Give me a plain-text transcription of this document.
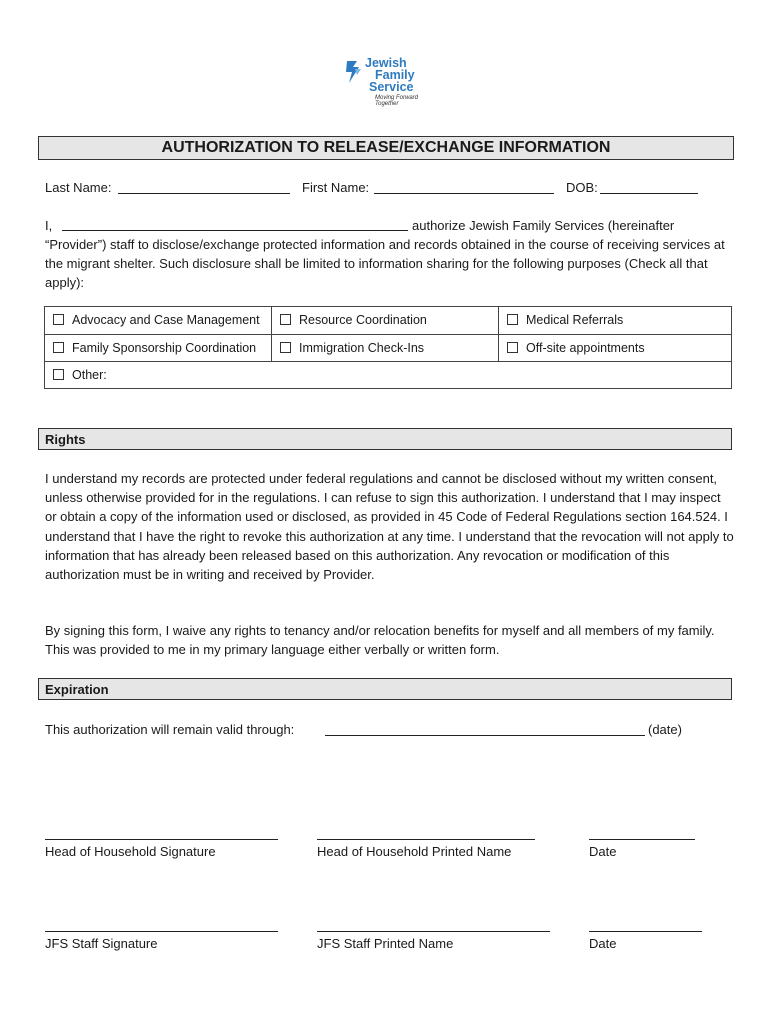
Jewish
Family
Service
Moving Forward Together
AUTHORIZATION TO RELEASE/EXCHANGE INFORMATION
Last Name:	First Name:	DOB:
I,	authorize Jewish Family Services (hereinafter
“Provider”) staff to disclose/exchange protected information and records obtained in the course of receiving services at the migrant shelter. Such disclosure shall be limited to information sharing for the following purposes (Check all that apply):
Advocacy and Case Management	Resource Coordination	Medical Referrals
Family Sponsorship Coordination	Immigration Check-Ins	Off-site appointments
Other:
Rights
I understand my records are protected under federal regulations and cannot be disclosed without my written consent, unless otherwise provided for in the regulations. I can refuse to sign this authorization. I understand that I may inspect or obtain a copy of the information used or disclosed, as provided in 45 Code of Federal Regulations section 164.524. I understand that I have the right to revoke this authorization at any time. I understand that the revocation will not apply to information that has already been released based on this authorization. Any revocation or modification of this authorization must be in writing and received by Provider.
By signing this form, I waive any rights to tenancy and/or relocation benefits for myself and all members of my family. This was provided to me in my primary language either verbally or written form.
Expiration
This authorization will remain valid through:	(date)
Head of Household Signature	Head of Household Printed Name	Date
JFS Staff Signature	JFS Staff Printed Name	Date
